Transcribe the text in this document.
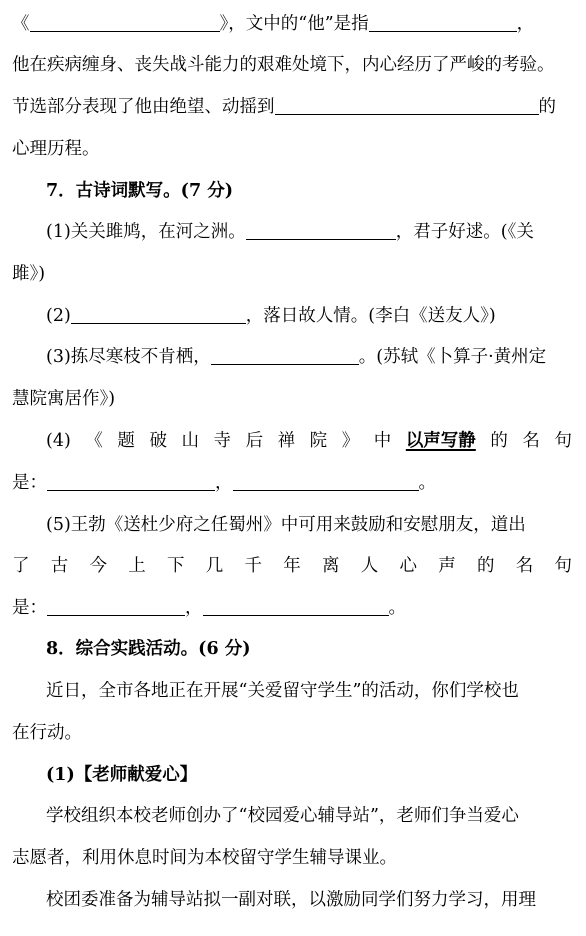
《	》，文中的“他”是指	，
他在疾病缠身、丧失战斗能力的艰难处境下，内心经历了严峻的考验。
节选部分表现了他由绝望、动摇到	的
心理历程。
7．古诗词默写。(7 分)
(1)关关雎鸠，在河之洲。	，君子好逑。(《关
雎》)
(2)	，落日故人情。(李白《送友人》)
(3)拣尽寒枝不肯栖，	。(苏轼《卜算子·黄州定
慧院寓居作》)
(4) 《 题 破 山 寺 后 禅 院 》 中 以声写静 的 名 句
是：	，	。
(5)王勃《送杜少府之任蜀州》中可用来鼓励和安慰朋友，道出
了 古 今 上 下 几 千 年 离 人 心 声 的 名 句
是：	，	。
8．综合实践活动。(6 分)
近日，全市各地正在开展“关爱留守学生”的活动，你们学校也
在行动。
(1)【老师献爱心】
学校组织本校老师创办了“校园爱心辅导站”，老师们争当爱心
志愿者，利用休息时间为本校留守学生辅导课业。
校团委准备为辅导站拟一副对联，以激励同学们努力学习，用理
